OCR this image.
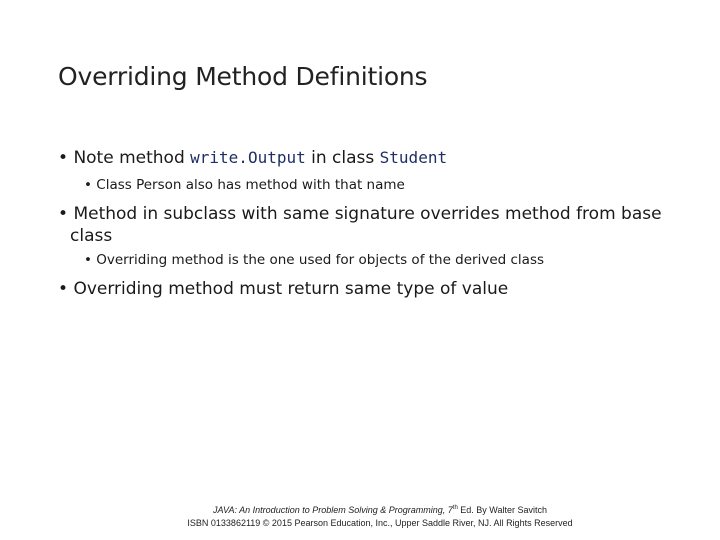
Overriding Method Definitions
• Note method write.Output in class Student
• Class Person also has method with that name
• Method in subclass with same signature overrides method from base
class
• Overriding method is the one used for objects of the derived class
• Overriding method must return same type of value
JAVA: An Introduction to Problem Solving & Programming, 7th Ed. By Walter Savitch
ISBN 0133862119 © 2015 Pearson Education, Inc., Upper Saddle River, NJ. All Rights Reserved
